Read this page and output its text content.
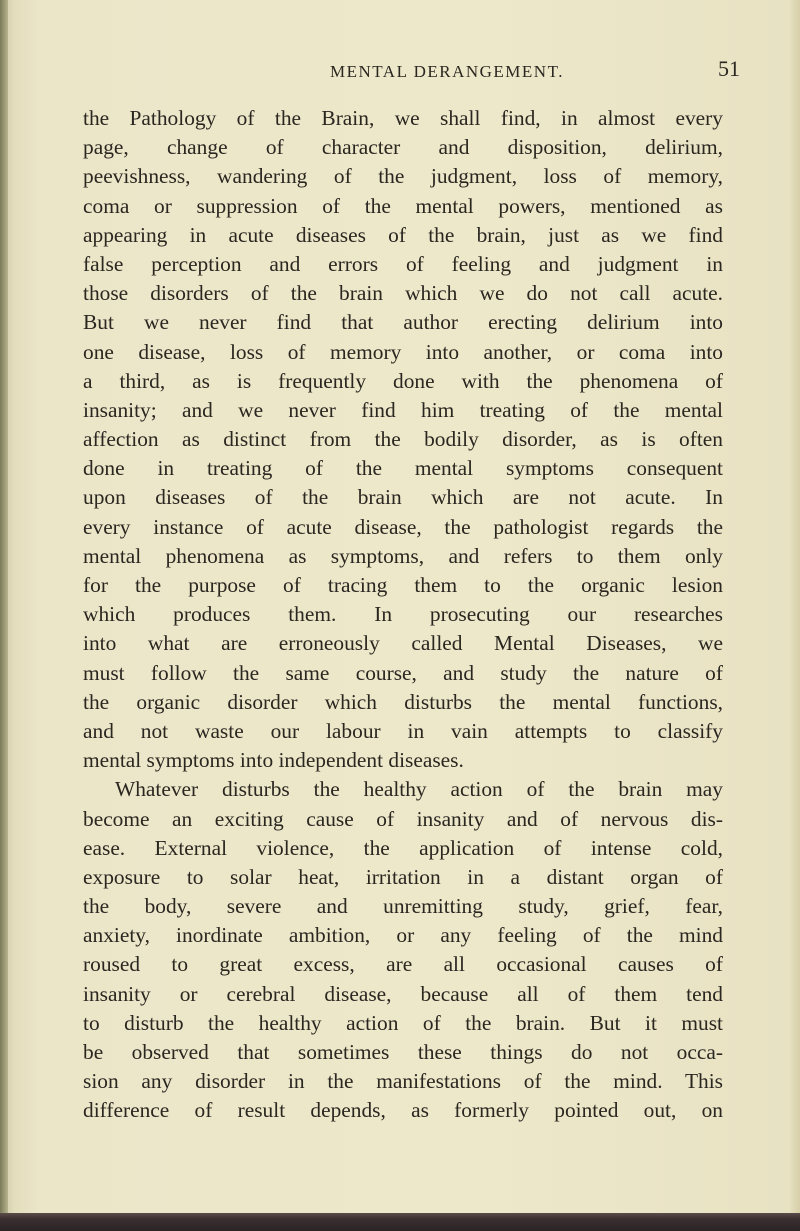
MENTAL DERANGEMENT.	51
the Pathology of the Brain, we shall find, in almost every
page, change of character and disposition, delirium,
peevishness, wandering of the judgment, loss of memory,
coma or suppression of the mental powers, mentioned as
appearing in acute diseases of the brain, just as we find
false perception and errors of feeling and judgment in
those disorders of the brain which we do not call acute.
But we never find that author erecting delirium into
one disease, loss of memory into another, or coma into
a third, as is frequently done with the phenomena of
insanity; and we never find him treating of the mental
affection as distinct from the bodily disorder, as is often
done in treating of the mental symptoms consequent
upon diseases of the brain which are not acute. In
every instance of acute disease, the pathologist regards the
mental phenomena as symptoms, and refers to them only
for the purpose of tracing them to the organic lesion
which produces them. In prosecuting our researches
into what are erroneously called Mental Diseases, we
must follow the same course, and study the nature of
the organic disorder which disturbs the mental functions,
and not waste our labour in vain attempts to classify
mental symptoms into independent diseases.
Whatever disturbs the healthy action of the brain may
become an exciting cause of insanity and of nervous dis-
ease. External violence, the application of intense cold,
exposure to solar heat, irritation in a distant organ of
the body, severe and unremitting study, grief, fear,
anxiety, inordinate ambition, or any feeling of the mind
roused to great excess, are all occasional causes of
insanity or cerebral disease, because all of them tend
to disturb the healthy action of the brain. But it must
be observed that sometimes these things do not occa-
sion any disorder in the manifestations of the mind. This
difference of result depends, as formerly pointed out, on
